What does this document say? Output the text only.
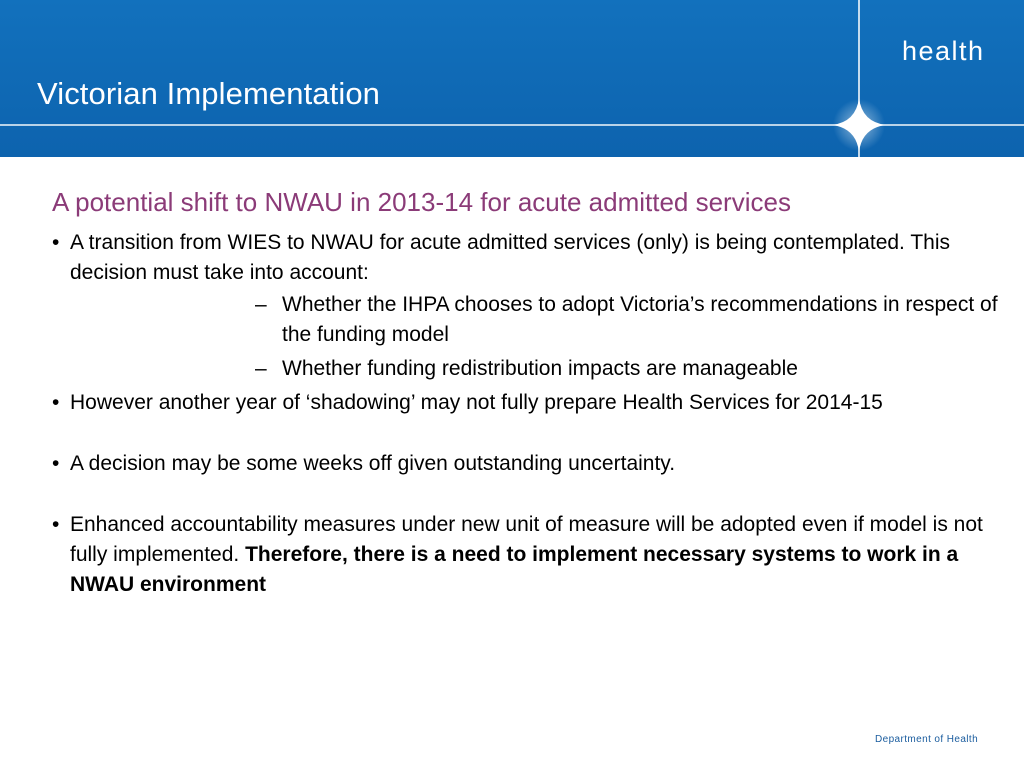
Victorian Implementation
health
A potential shift to NWAU in 2013-14 for acute admitted services
• A transition from WIES to NWAU for acute admitted services (only) is being contemplated. This decision must take into account:
– Whether the IHPA chooses to adopt Victoria’s recommendations in respect of the funding model
– Whether funding redistribution impacts are manageable
• However another year of ‘shadowing’ may not fully prepare Health Services for 2014-15
• A decision may be some weeks off given outstanding uncertainty.
• Enhanced accountability measures under new unit of measure will be adopted even if model is not fully implemented. Therefore, there is a need to implement necessary systems to work in a NWAU environment
Department of Health
